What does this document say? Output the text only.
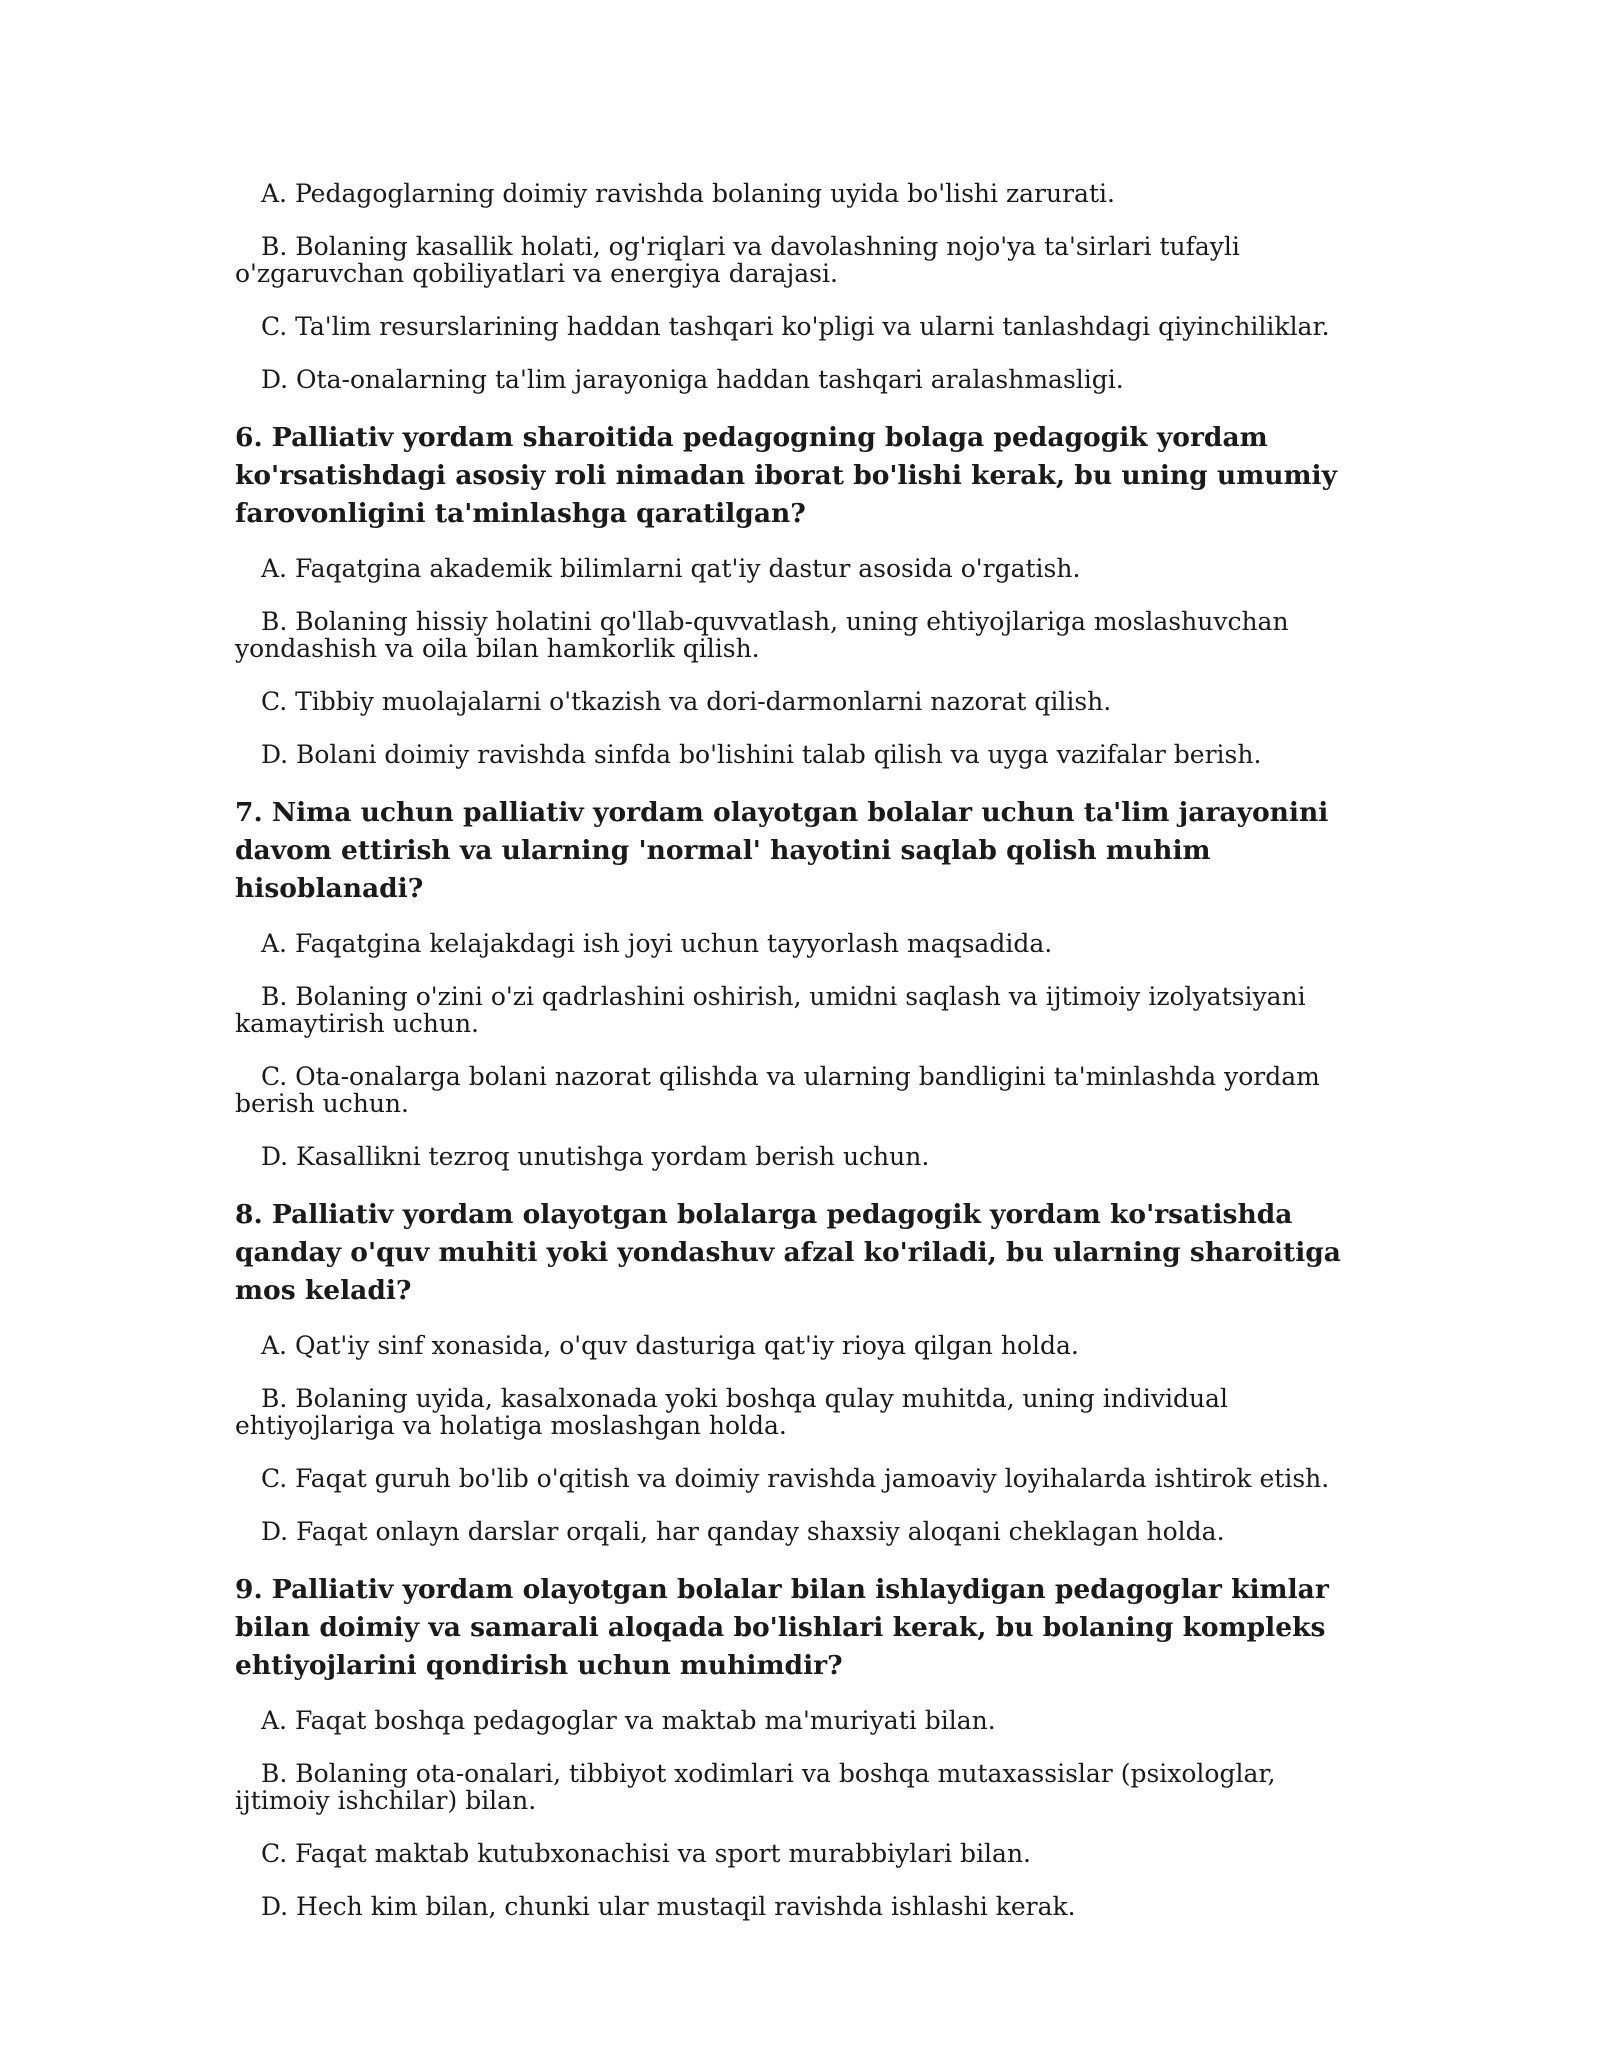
A. Pedagoglarning doimiy ravishda bolaning uyida bo'lishi zarurati.

B. Bolaning kasallik holati, og'riqlari va davolashning nojo'ya ta'sirlari tufayli o'zgaruvchan qobiliyatlari va energiya darajasi.

C. Ta'lim resurslarining haddan tashqari ko'pligi va ularni tanlashdagi qiyinchiliklar.

D. Ota-onalarning ta'lim jarayoniga haddan tashqari aralashmasligi.

6. Palliativ yordam sharoitida pedagogning bolaga pedagogik yordam ko'rsatishdagi asosiy roli nimadan iborat bo'lishi kerak, bu uning umumiy farovonligini ta'minlashga qaratilgan?

A. Faqatgina akademik bilimlarni qat'iy dastur asosida o'rgatish.

B. Bolaning hissiy holatini qo'llab-quvvatlash, uning ehtiyojlariga moslashuvchan yondashish va oila bilan hamkorlik qilish.

C. Tibbiy muolajalarni o'tkazish va dori-darmonlarni nazorat qilish.

D. Bolani doimiy ravishda sinfda bo'lishini talab qilish va uyga vazifalar berish.

7. Nima uchun palliativ yordam olayotgan bolalar uchun ta'lim jarayonini davom ettirish va ularning 'normal' hayotini saqlab qolish muhim hisoblanadi?

A. Faqatgina kelajakdagi ish joyi uchun tayyorlash maqsadida.

B. Bolaning o'zini o'zi qadrlashini oshirish, umidni saqlash va ijtimoiy izolyatsiyani kamaytirish uchun.

C. Ota-onalarga bolani nazorat qilishda va ularning bandligini ta'minlashda yordam berish uchun.

D. Kasallikni tezroq unutishga yordam berish uchun.

8. Palliativ yordam olayotgan bolalarga pedagogik yordam ko'rsatishda qanday o'quv muhiti yoki yondashuv afzal ko'riladi, bu ularning sharoitiga mos keladi?

A. Qat'iy sinf xonasida, o'quv dasturiga qat'iy rioya qilgan holda.

B. Bolaning uyida, kasalxonada yoki boshqa qulay muhitda, uning individual ehtiyojlariga va holatiga moslashgan holda.

C. Faqat guruh bo'lib o'qitish va doimiy ravishda jamoaviy loyihalarda ishtirok etish.

D. Faqat onlayn darslar orqali, har qanday shaxsiy aloqani cheklagan holda.

9. Palliativ yordam olayotgan bolalar bilan ishlaydigan pedagoglar kimlar bilan doimiy va samarali aloqada bo'lishlari kerak, bu bolaning kompleks ehtiyojlarini qondirish uchun muhimdir?

A. Faqat boshqa pedagoglar va maktab ma'muriyati bilan.

B. Bolaning ota-onalari, tibbiyot xodimlari va boshqa mutaxassislar (psixologlar, ijtimoiy ishchilar) bilan.

C. Faqat maktab kutubxonachisi va sport murabbiylari bilan.

D. Hech kim bilan, chunki ular mustaqil ravishda ishlashi kerak.
